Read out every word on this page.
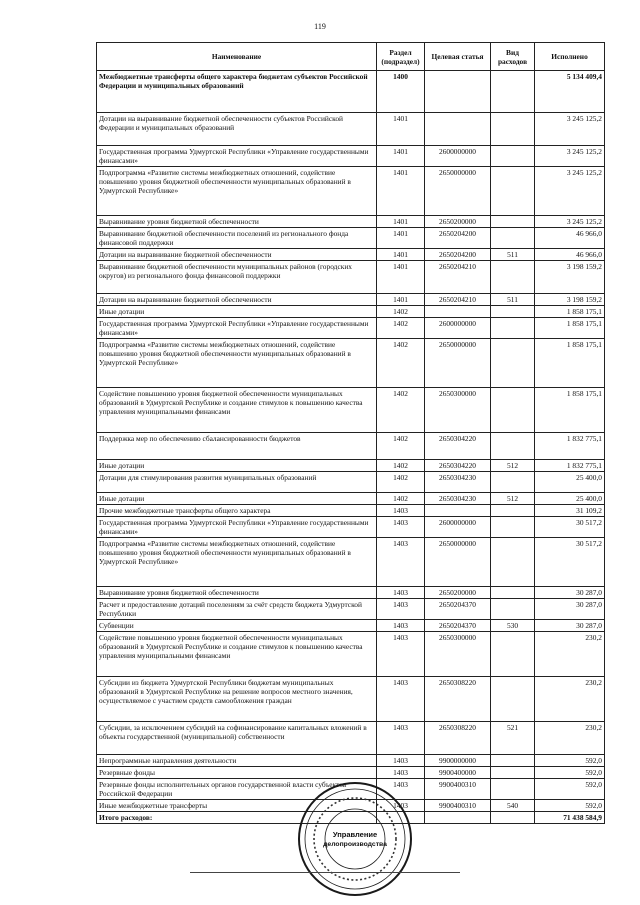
119
Наименование	Раздел (подраздел)	Целевая статья	Вид расходов	Исполнено
Межбюджетные трансферты общего характера бюджетам субъектов Российской Федерации и муниципальных образований	1400			5 134 409,4
Дотации на выравнивание бюджетной обеспеченности субъектов Российской Федерации и муниципальных образований	1401			3 245 125,2
Государственная программа Удмуртской Республики «Управление государственными финансами»	1401	2600000000		3 245 125,2
Подпрограмма «Развитие системы межбюджетных отношений, содействие повышению уровня бюджетной обеспеченности муниципальных образований в Удмуртской Республике»	1401	2650000000		3 245 125,2
Выравнивание уровня бюджетной обеспеченности	1401	2650200000		3 245 125,2
Выравнивание бюджетной обеспеченности поселений из регионального фонда финансовой поддержки	1401	2650204200		46 966,0
Дотации на выравнивание бюджетной обеспеченности	1401	2650204200	511	46 966,0
Выравнивание бюджетной обеспеченности муниципальных районов (городских округов) из регионального фонда финансовой поддержки	1401	2650204210		3 198 159,2
Дотации на выравнивание бюджетной обеспеченности	1401	2650204210	511	3 198 159,2
Иные дотации	1402			1 858 175,1
Государственная программа Удмуртской Республики «Управление государственными финансами»	1402	2600000000		1 858 175,1
Подпрограмма «Развитие системы межбюджетных отношений, содействие повышению уровня бюджетной обеспеченности муниципальных образований в Удмуртской Республике»	1402	2650000000		1 858 175,1
Содействие повышению уровня бюджетной обеспеченности муниципальных образований в Удмуртской Республике и создание стимулов к повышению качества управления муниципальными финансами	1402	2650300000		1 858 175,1
Поддержка мер по обеспечению сбалансированности бюджетов	1402	2650304220		1 832 775,1
Иные дотации	1402	2650304220	512	1 832 775,1
Дотации для стимулирования развития муниципальных образований	1402	2650304230		25 400,0
Иные дотации	1402	2650304230	512	25 400,0
Прочие межбюджетные трансферты общего характера	1403			31 109,2
Государственная программа Удмуртской Республики «Управление государственными финансами»	1403	2600000000		30 517,2
Подпрограмма «Развитие системы межбюджетных отношений, содействие повышению уровня бюджетной обеспеченности муниципальных образований в Удмуртской Республике»	1403	2650000000		30 517,2
Выравнивание уровня бюджетной обеспеченности	1403	2650200000		30 287,0
Расчет и предоставление дотаций поселениям за счёт средств бюджета Удмуртской Республики	1403	2650204370		30 287,0
Субвенции	1403	2650204370	530	30 287,0
Содействие повышению уровня бюджетной обеспеченности муниципальных образований в Удмуртской Республике и создание стимулов к повышению качества управления муниципальными финансами	1403	2650300000		230,2
Субсидии из бюджета Удмуртской Республики бюджетам муниципальных образований в Удмуртской Республике на решение вопросов местного значения, осуществляемое с участием средств самообложения граждан	1403	2650308220		230,2
Субсидии, за исключением субсидий на софинансирование капитальных вложений в объекты государственной (муниципальной) собственности	1403	2650308220	521	230,2
Непрограммные направления деятельности	1403	9900000000		592,0
Резервные фонды	1403	9900400000		592,0
Резервные фонды исполнительных органов государственной власти субъектов Российской Федерации	1403	9900400310		592,0
Иные межбюджетные трансферты	1403	9900400310	540	592,0
Итого расходов:				71 438 584,9
Управление
делопроизводства
